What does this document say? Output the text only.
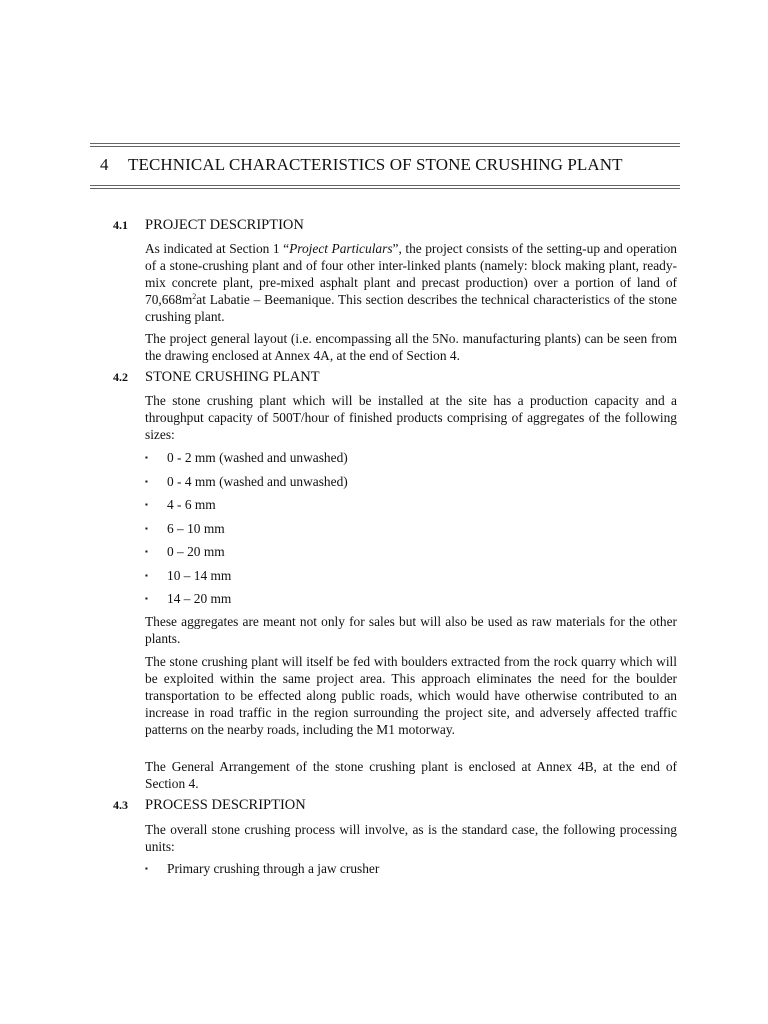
4 TECHNICAL CHARACTERISTICS OF STONE CRUSHING PLANT
4.1 PROJECT DESCRIPTION
As indicated at Section 1 “Project Particulars”, the project consists of the setting-up and operation of a stone-crushing plant and of four other inter-linked plants (namely: block making plant, ready-mix concrete plant, pre-mixed asphalt plant and precast production) over a portion of land of $70,668m^2at$ Labatie – Beemanique. This section describes the technical characteristics of the stone crushing plant.
The project general layout (i.e. encompassing all the 5No. manufacturing plants) can be seen from the drawing enclosed at Annex 4A, at the end of Section 4.
4.2 STONE CRUSHING PLANT
The stone crushing plant which will be installed at the site has a production capacity and a throughput capacity of 500T/hour of finished products comprising of aggregates of the following sizes:
▪ 0 - 2 mm (washed and unwashed)
▪ 0 - 4 mm (washed and unwashed)
▪ 4 - 6 mm
▪ 6 – 10 mm
▪ 0 – 20 mm
▪ 10 – 14 mm
▪ 14 – 20 mm
These aggregates are meant not only for sales but will also be used as raw materials for the other plants.
The stone crushing plant will itself be fed with boulders extracted from the rock quarry which will be exploited within the same project area. This approach eliminates the need for the boulder transportation to be effected along public roads, which would have otherwise contributed to an increase in road traffic in the region surrounding the project site, and adversely affected traffic patterns on the nearby roads, including the M1 motorway.
The General Arrangement of the stone crushing plant is enclosed at Annex 4B, at the end of Section 4.
4.3 PROCESS DESCRIPTION
The overall stone crushing process will involve, as is the standard case, the following processing units:
▪ Primary crushing through a jaw crusher
